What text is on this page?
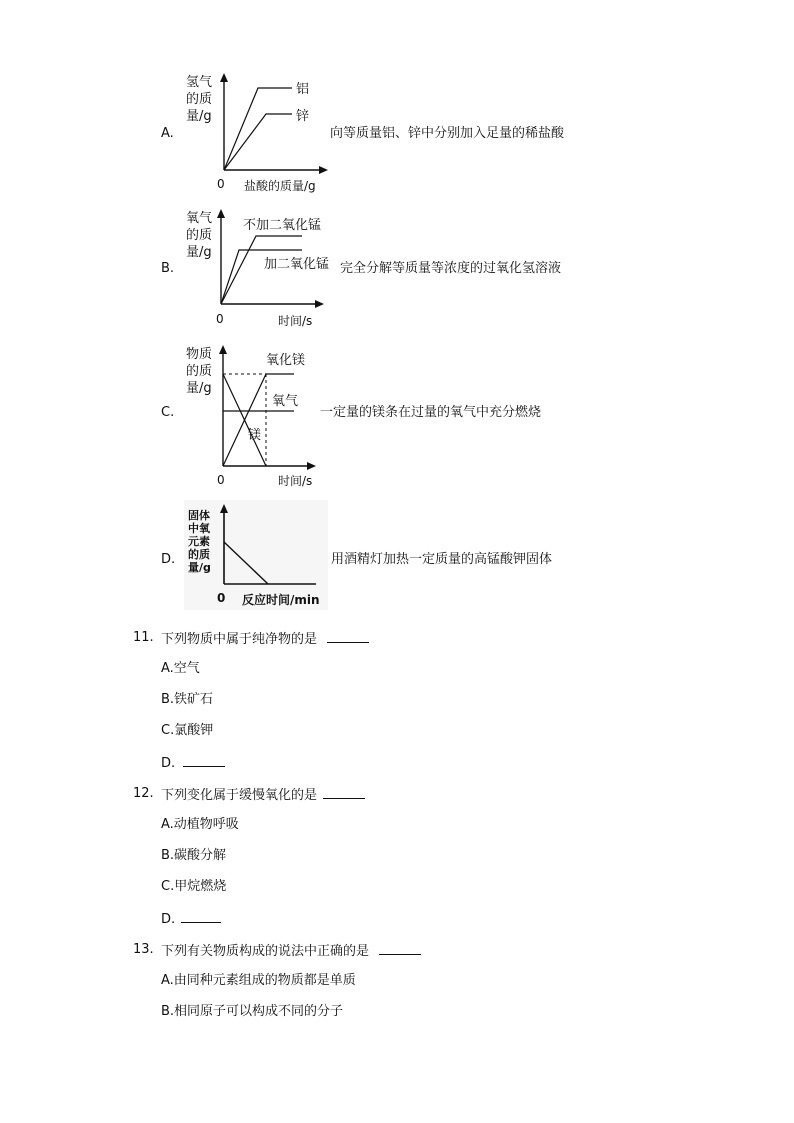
A.
氢气
的质
量/g
铝
锌
0 盐酸的质量/g
向等质量铝、锌中分别加入足量的稀盐酸
B.
氧气
的质
量/g
不加二氧化锰
加二氧化锰
0	时间/s
完全分解等质量等浓度的过氧化氢溶液
C.
物质
的质
量/g
氧化镁
氧气
镁
0	时间/s
一定量的镁条在过量的氧气中充分燃烧
D.
固体
中氧
元素
的质
量/g
0 反应时间/min
用酒精灯加热一定质量的高锰酸钾固体
11. 下列物质中属于纯净物的是
A.空气
B.铁矿石
C.氯酸钾
D.
12. 下列变化属于缓慢氧化的是
A.动植物呼吸
B.碳酸分解
C.甲烷燃烧
D.
13. 下列有关物质构成的说法中正确的是
A.由同种元素组成的物质都是单质
B.相同原子可以构成不同的分子
